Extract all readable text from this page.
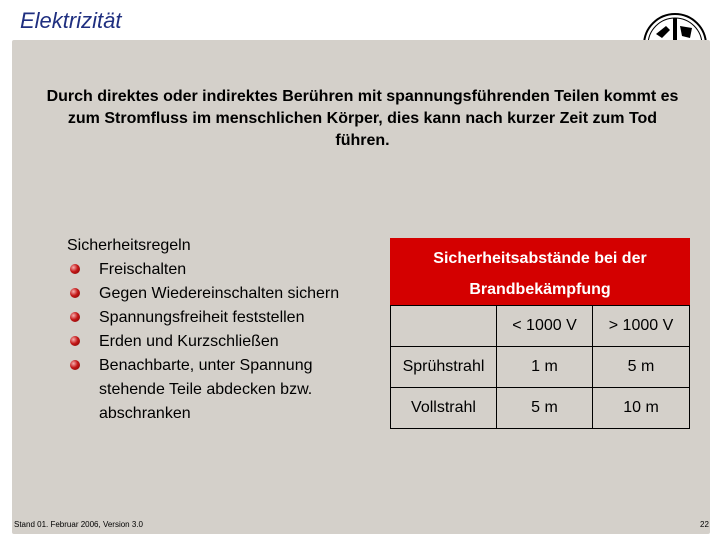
Elektrizität
Durch direktes oder indirektes Berühren mit spannungsführenden Teilen kommt es zum Stromfluss im menschlichen Körper, dies kann nach kurzer Zeit zum Tod führen.
Sicherheitsregeln
Freischalten
Gegen Wiedereinschalten sichern
Spannungsfreiheit feststellen
Erden und Kurzschließen
Benachbarte, unter Spannung stehende Teile abdecken bzw. abschranken
Sicherheitsabstände bei der
Brandbekämpfung
	< 1000 V	> 1000 V
Sprühstrahl	1 m	5 m
Vollstrahl	5 m	10 m
Stand 01. Februar 2006, Version 3.0	22
